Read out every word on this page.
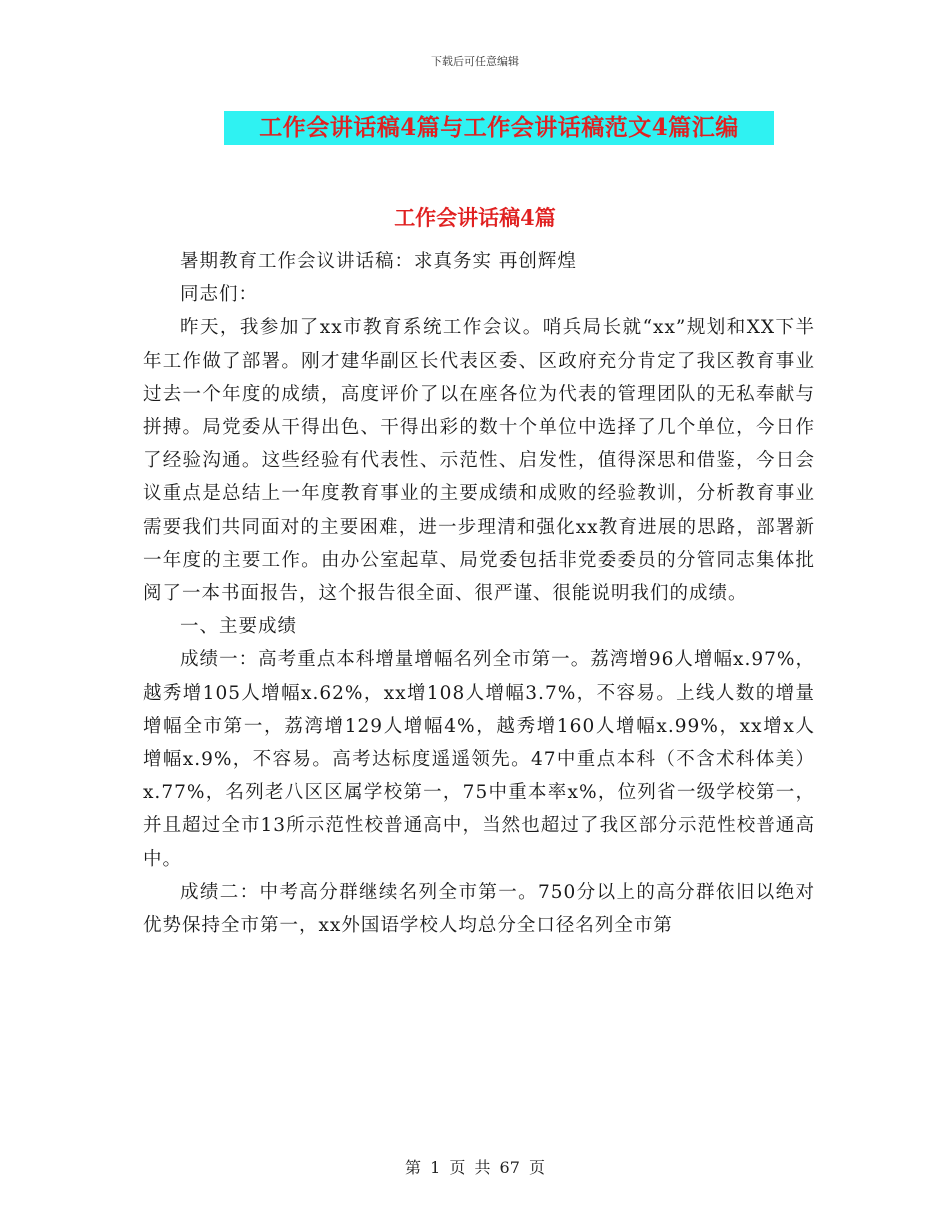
下载后可任意编辑
工作会讲话稿4篇与工作会讲话稿范文4篇汇编
工作会讲话稿4篇

暑期教育工作会议讲话稿：求真务实 再创辉煌

同志们：

昨天，我参加了xx市教育系统工作会议。哨兵局长就“xx”规划和XX下半年工作做了部署。刚才建华副区长代表区委、区政府充分肯定了我区教育事业过去一个年度的成绩，高度评价了以在座各位为代表的管理团队的无私奉献与拼搏。局党委从干得出色、干得出彩的数十个单位中选择了几个单位，今日作了经验沟通。这些经验有代表性、示范性、启发性，值得深思和借鉴，今日会议重点是总结上一年度教育事业的主要成绩和成败的经验教训，分析教育事业需要我们共同面对的主要困难，进一步理清和强化xx教育进展的思路，部署新一年度的主要工作。由办公室起草、局党委包括非党委委员的分管同志集体批阅了一本书面报告，这个报告很全面、很严谨、很能说明我们的成绩。

一、主要成绩

成绩一：高考重点本科增量增幅名列全市第一。荔湾增96人增幅x.97%， 越秀增105人增幅x.62%，xx增108人增幅3.7%，不容易。上线人数的增量增幅全市第一，荔湾增129人增幅4%，越秀增160人增幅x.99%，xx增x人增幅x.9%，不容易。高考达标度遥遥领先。47中重点本科（不含术科体美）x.77%，名列老八区区属学校第一，75中重本率x%，位列省一级学校第一，并且超过全市13所示范性校普通高中，当然也超过了我区部分示范性校普通高中。

成绩二：中考高分群继续名列全市第一。750分以上的高分群依旧以绝对优势保持全市第一，xx外国语学校人均总分全口径名列全市第

第 1 页 共 67 页
